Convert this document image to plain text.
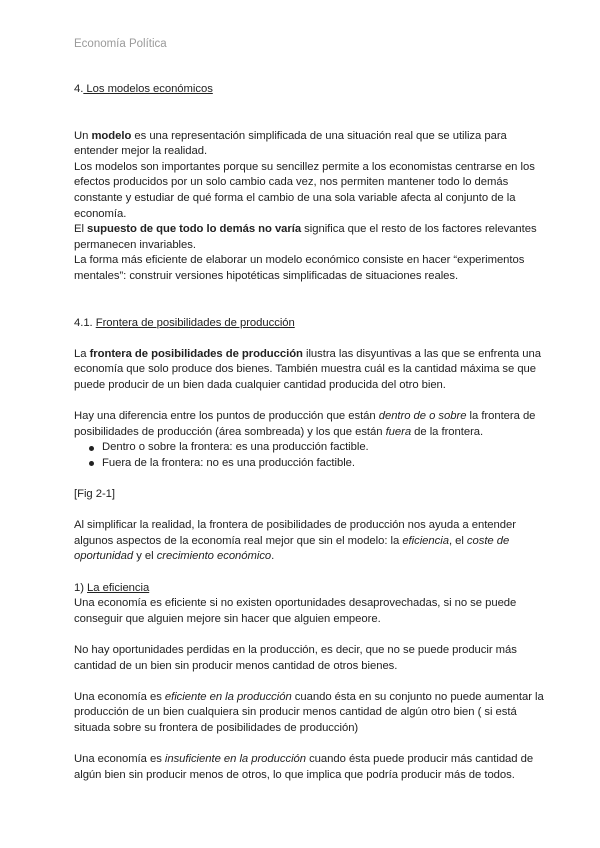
Economía Política

4. Los modelos económicos

Un modelo es una representación simplificada de una situación real que se utiliza para entender mejor la realidad.

Los modelos son importantes porque su sencillez permite a los economistas centrarse en los efectos producidos por un solo cambio cada vez, nos permiten mantener todo lo demás constante y estudiar de qué forma el cambio de una sola variable afecta al conjunto de la economía.

El supuesto de que todo lo demás no varía significa que el resto de los factores relevantes permanecen invariables.

La forma más eficiente de elaborar un modelo económico consiste en hacer “experimentos mentales”: construir versiones hipotéticas simplificadas de situaciones reales.

4.1. Frontera de posibilidades de producción

La frontera de posibilidades de producción ilustra las disyuntivas a las que se enfrenta una economía que solo produce dos bienes. También muestra cuál es la cantidad máxima se que puede producir de un bien dada cualquier cantidad producida del otro bien.

Hay una diferencia entre los puntos de producción que están dentro de o sobre la frontera de posibilidades de producción (área sombreada) y los que están fuera de la frontera.

Dentro o sobre la frontera: es una producción factible.
Fuera de la frontera: no es una producción factible.

[Fig 2-1]

Al simplificar la realidad, la frontera de posibilidades de producción nos ayuda a entender algunos aspectos de la economía real mejor que sin el modelo: la eficiencia, el coste de oportunidad y el crecimiento económico.

1) La eficiencia

Una economía es eficiente si no existen oportunidades desaprovechadas, si no se puede conseguir que alguien mejore sin hacer que alguien empeore.

No hay oportunidades perdidas en la producción, es decir, que no se puede producir más cantidad de un bien sin producir menos cantidad de otros bienes.

Una economía es eficiente en la producción cuando ésta en su conjunto no puede aumentar la producción de un bien cualquiera sin producir menos cantidad de algún otro bien ( si está situada sobre su frontera de posibilidades de producción)

Una economía es insuficiente en la producción cuando ésta puede producir más cantidad de algún bien sin producir menos de otros, lo que implica que podría producir más de todos.
